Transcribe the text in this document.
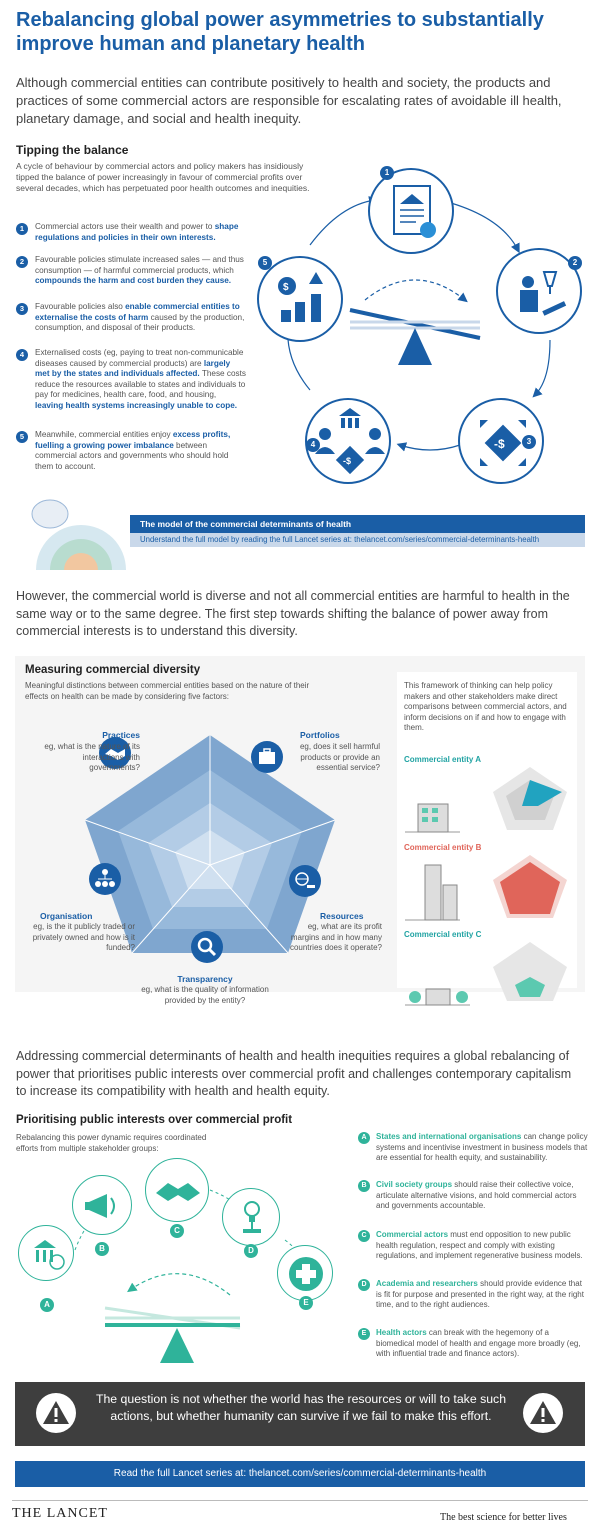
Rebalancing global power asymmetries to substantially improve human and planetary health
Although commercial entities can contribute positively to health and society, the products and practices of some commercial actors are responsible for escalating rates of avoidable ill health, planetary damage, and social and health inequity.
Tipping the balance
A cycle of behaviour by commercial actors and policy makers has insidiously tipped the balance of power increasingly in favour of commercial profits over several decades, which has perpetuated poor health outcomes and inequities.
1	Commercial actors use their wealth and power to shape regulations and policies in their own interests.
2	Favourable policies stimulate increased sales — and thus consumption — of harmful commercial products, which compounds the harm and cost burden they cause.
3	Favourable policies also enable commercial entities to externalise the costs of harm caused by the production, consumption, and disposal of their products.
4	Externalised costs (eg, paying to treat non-communicable diseases caused by commercial products) are largely met by the states and individuals affected. These costs reduce the resources available to states and individuals to pay for medicines, health care, food, and housing, leaving health systems increasingly unable to cope.
5	Meanwhile, commercial entities enjoy excess profits, fuelling a growing power imbalance between commercial actors and governments who should hold them to account.
1
2
-$	3
-$
4
$
5
The model of the commercial determinants of health
Understand the full model by reading the full Lancet series at: thelancet.com/series/commercial-determinants-health
However, the commercial world is diverse and not all commercial entities are harmful to health in the same way or to the same degree. The first step towards shifting the balance of power away from commercial interests is to understand this diversity.
Measuring commercial diversity
Meaningful distinctions between commercial entities based on the nature of their effects on health can be made by considering five factors:
Practices
eg, what is the nature of its interactions with governments?
Portfolios
eg, does it sell harmful products or provide an essential service?
Resources
eg, what are its profit margins and in how many countries does it operate?
Transparency
eg, what is the quality of information provided by the entity?
Organisation
eg, is the it publicly traded or privately owned and how is it funded?
This framework of thinking can help policy makers and other stakeholders make direct comparisons between commercial actors, and inform decisions on if and how to engage with them.
Commercial entity A
Commercial entity B
Commercial entity C
Addressing commercial determinants of health and health inequities requires a global rebalancing of power that prioritises public interests over commercial profit and challenges contemporary capitalism to increase its compatibility with health and health equity.
Prioritising public interests over commercial profit
Rebalancing this power dynamic requires coordinated efforts from multiple stakeholder groups:
A
B
C
D
E
A	States and international organisations can change policy systems and incentivise investment in business models that are essential for health equity, and sustainability.
B	Civil society groups should raise their collective voice, articulate alternative visions, and hold commercial actors and governments accountable.
C	Commercial actors must end opposition to new public health regulation, respect and comply with existing regulations, and implement regenerative business models.
D	Academia and researchers should provide evidence that is fit for purpose and presented in the right way, at the right time, and to the right audiences.
E	Health actors can break with the hegemony of a biomedical model of health and engage more broadly (eg, with influential trade and finance actors).
The question is not whether the world has the resources or will to take such actions, but whether humanity can survive if we fail to make this effort.
Read the full Lancet series at: thelancet.com/series/commercial-determinants-health
THE LANCET	The best science for better lives
